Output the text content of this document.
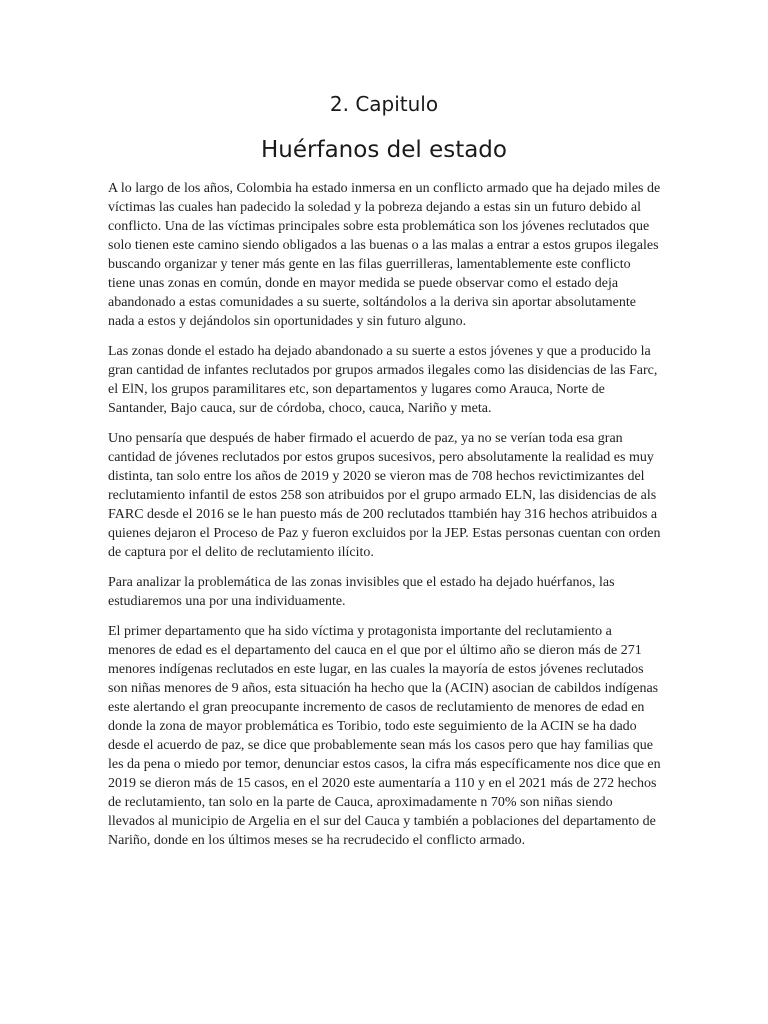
2. Capitulo
Huérfanos del estado

A lo largo de los años, Colombia ha estado inmersa en un conflicto armado que ha dejado miles de víctimas las cuales han padecido la soledad y la pobreza dejando a estas sin un futuro debido al conflicto. Una de las víctimas principales sobre esta problemática son los jóvenes reclutados que solo tienen este camino siendo obligados a las buenas o a las malas a entrar a estos grupos ilegales buscando organizar y tener más gente en las filas guerrilleras, lamentablemente este conflicto tiene unas zonas en común, donde en mayor medida se puede observar como el estado deja abandonado a estas comunidades a su suerte, soltándolos a la deriva sin aportar absolutamente nada a estos y dejándolos sin oportunidades y sin futuro alguno.

Las zonas donde el estado ha dejado abandonado a su suerte a estos jóvenes y que a producido la gran cantidad de infantes reclutados por grupos armados ilegales como las disidencias de las Farc, el ElN, los grupos paramilitares etc, son departamentos y lugares como Arauca, Norte de Santander, Bajo cauca, sur de córdoba, choco, cauca, Nariño y meta.

Uno pensaría que después de haber firmado el acuerdo de paz, ya no se verían toda esa gran cantidad de jóvenes reclutados por estos grupos sucesivos, pero absolutamente la realidad es muy distinta, tan solo entre los años de 2019 y 2020 se vieron mas de 708 hechos revictimizantes del reclutamiento infantil de estos 258 son atribuidos por el grupo armado ELN, las disidencias de als FARC desde el 2016 se le han puesto más de 200 reclutados ttambién hay 316 hechos atribuidos a quienes dejaron el Proceso de Paz y fueron excluidos por la JEP. Estas personas cuentan con orden de captura por el delito de reclutamiento ilícito.

Para analizar la problemática de las zonas invisibles que el estado ha dejado huérfanos, las estudiaremos una por una individuamente.

El primer departamento que ha sido víctima y protagonista importante del reclutamiento a menores de edad es el departamento del cauca en el que por el último año se dieron más de 271 menores indígenas reclutados en este lugar, en las cuales la mayoría de estos jóvenes reclutados son niñas menores de 9 años, esta situación ha hecho que la (ACIN) asocian de cabildos indígenas este alertando el gran preocupante incremento de casos de reclutamiento de menores de edad en donde la zona de mayor problemática es Toribio, todo este seguimiento de la ACIN se ha dado desde el acuerdo de paz, se dice que probablemente sean más los casos pero que hay familias que les da pena o miedo por temor, denunciar estos casos, la cifra más específicamente nos dice que en 2019 se dieron más de 15 casos, en el 2020 este aumentaría a 110 y en el 2021 más de 272 hechos de reclutamiento, tan solo en la parte de Cauca, aproximadamente n 70% son niñas siendo llevados al municipio de Argelia en el sur del Cauca y también a poblaciones del departamento de Nariño, donde en los últimos meses se ha recrudecido el conflicto armado.
